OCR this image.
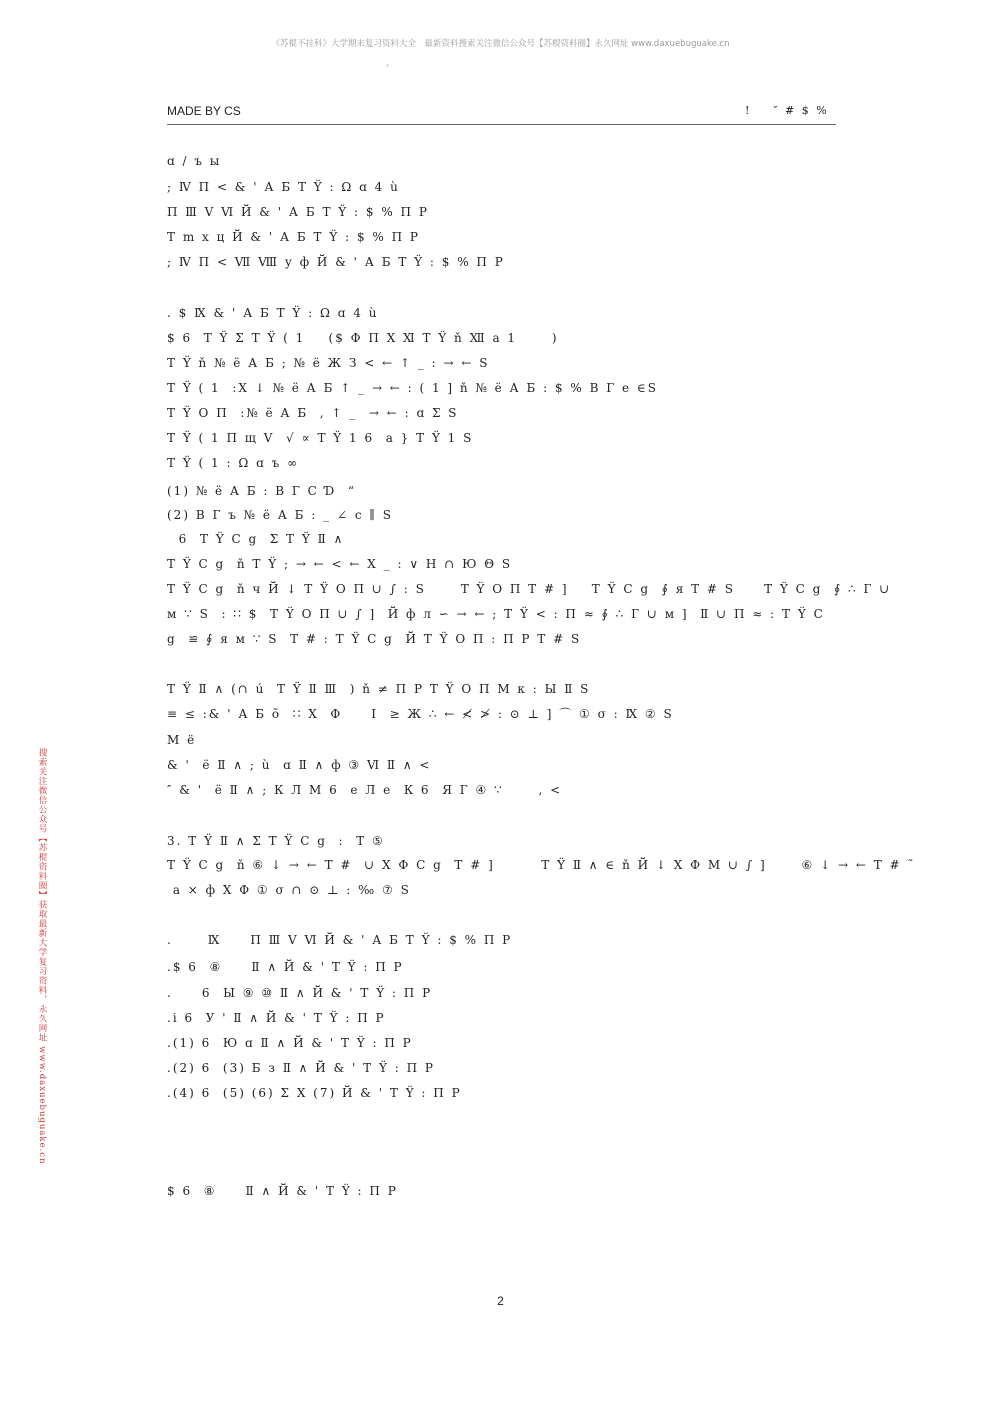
《苏棍不挂科》大学期末复习资料大全　最新资料搜索关注微信公众号【苏棍资料圈】永久网址 www.daxuebuguake.cn
。
MADE BY CS	!    ″ # $ %
ɑ / ъ ы
; Ⅳ П < & ' А Б Т Ϋ : Ω ɑ 4 ù
П Ⅲ Ⅴ Ⅵ Й & ' А Б Т Ϋ : $ % П Р
Т m х ц Й & ' А Б Т Ϋ : $ % П Р
; Ⅳ П < Ⅶ Ⅷ у ф Й & ' А Б Т Ϋ : $ % П Р
. $ Ⅸ & ' А Б Т Ϋ : Ω ɑ 4 ù
$ 6  Т Ϋ Σ Т Ϋ ( 1    ($ Ф П Χ Ⅺ Т Ϋ ň Ⅻ а 1      )
Т Ϋ ň № ё А Б ; № ё Ж З < ← ↑ _ : → ← S
Т Ϋ ( 1  :Х ↓ № ё А Б ↑ _ → ← : ( 1 ] ň № ё А Б : $ % В Г е ∈S
Т Ϋ О П  :№ ё А Б  , ↑ _  → ← : ɑ Σ S
Т Ϋ ( 1 П щ Ⅴ  √ ∝ Т Ϋ 1 6  а } Т Ϋ 1 S
Т Ϋ ( 1 : Ω ɑ ъ ∞
(1) № ё А Б : В Г С Ɗ  “
(2) В Г ъ № ё А Б : _ ∠ с ∥ S
6  Т Ϋ С g  Σ Т Ϋ Ⅱ ∧
Т Ϋ С g  ň Т Ϋ ; → ← < ← Χ _ : ∨ Н ∩ Ю Θ S
Т Ϋ С g  ň ч Й ↓ Т Ϋ О П ∪ ∫ : S      Т Ϋ О П Т # ]    Т Ϋ С g  ∮ я Т # S     Т Ϋ С g  ∮ ∴ Г ∪
м ∵ S  : ∷ $  Т Ϋ О П ∪ ∫ ]  Й ф л ∽ → ← ; Т Ϋ < : П ≈ ∮ ∴ Г ∪ м ]  Ⅱ ∪ П ≈ : Т Ϋ С
g  ≌ ∮ я м ∵ S  Т # : Т Ϋ С g  Й Т Ϋ О П : П Р Т # S
Т Ϋ Ⅱ ∧ (∩ ú  Т Ϋ Ⅱ Ⅲ  ) ň ≠ П Р Т Ϋ О П М к : Ы Ⅱ S
≡ ≤ :& ' А Б õ  ∷ Χ  Φ     Ι  ≥ Ж ∴ ← ≮ ≯ : ⊙ ⊥ ] ⌒ ① σ : Ⅸ ② S
М ë
& '  ё Ⅱ ∧ ; ù  ɑ Ⅱ ∧ ф ③ Ⅵ Ⅱ ∧ <
″ & '  ё Ⅱ ∧ ; К Л М 6  е Л е  К 6  Я Г ④ ∵      , <
3. Т Ϋ Ⅱ ∧ Σ Т Ϋ С g  :  Т ⑤
Т Ϋ С g  ň ⑥ ↓ → ← Т #  ∪ Χ Ф С g  Т # ]        Т Ϋ Ⅱ ∧ ∈ ň Й ↓ Χ Ф М ∪ ∫ ]      ⑥ ↓ → ← Т # ˜
а × ф Χ Φ ① σ ∩ ⊙ ⊥ : ‰ ⑦ S
.      Ⅸ     П Ⅲ Ⅴ Ⅵ Й & ' А Б Т Ϋ : $ % П Р
.$ 6  ⑧     Ⅱ ∧ Й & ' Т Ϋ : П Р
.     6  Ы ⑨ ⑩ Ⅱ ∧ Й & ' Т Ϋ : П Р
.i 6  У ' Ⅱ ∧ Й & ' Т Ϋ : П Р
.(1) 6  Ю ɑ Ⅱ ∧ Й & ' Т Ϋ : П Р
.(2) 6  (3) Б з Ⅱ ∧ Й & ' Т Ϋ : П Р
.(4) 6  (5) (6) Σ Χ (7) Й & ' Т Ϋ : П Р
$ 6  ⑧     Ⅱ ∧ Й & ' Т Ϋ : П Р
搜索关注微信公众号【苏棍资料圈】获取最新大学复习资料，永久网址 www.daxuebuguake.cn
2
